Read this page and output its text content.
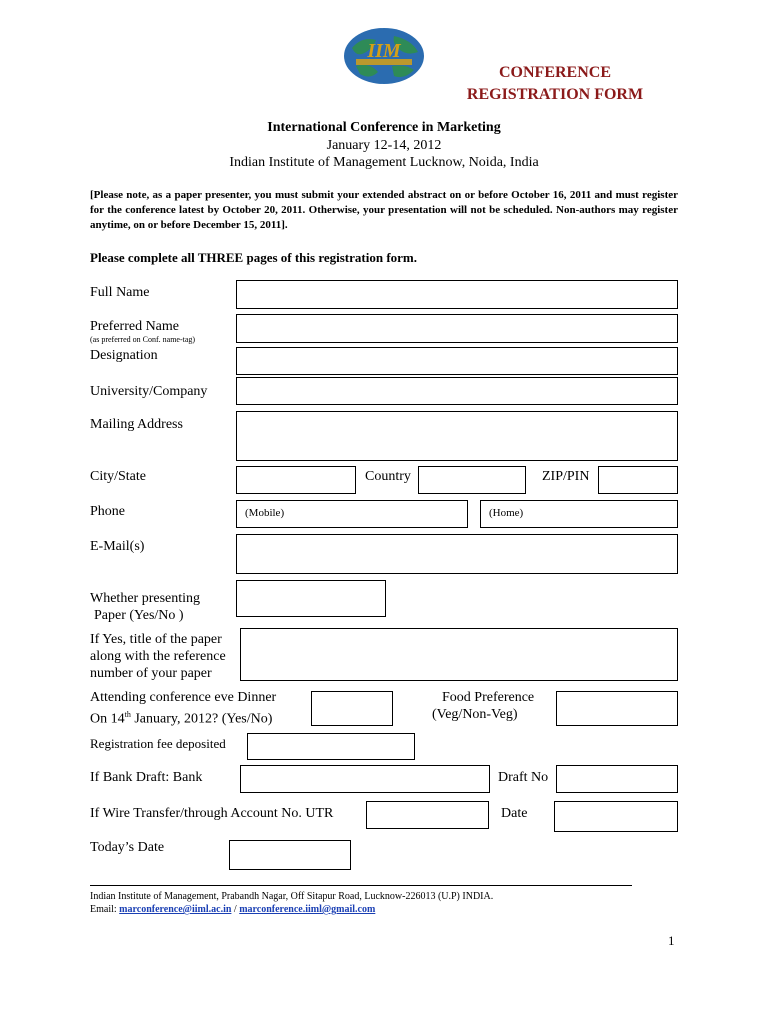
IIM
CONFERENCE
REGISTRATION FORM
International Conference in Marketing
January 12-14, 2012
Indian Institute of Management Lucknow, Noida, India
[Please note, as a paper presenter, you must submit your extended abstract on or before October 16, 2011 and must register for the conference latest by October 20, 2011. Otherwise, your presentation will not be scheduled. Non-authors may register anytime, on or before December 15, 2011].
Please complete all THREE pages of this registration form.
Full Name
Preferred Name
(as preferred on Conf. name-tag)
Designation
University/Company
Mailing Address
City/State	Country	ZIP/PIN
Phone	(Mobile)	(Home)
E-Mail(s)
Whether presenting
Paper (Yes/No )
If Yes, title of the paper
along with the reference
number of your paper
Attending conference eve Dinner
On 14th January, 2012? (Yes/No)
Food Preference
(Veg/Non-Veg)
Registration fee deposited
If Bank Draft: Bank	Draft No
If Wire Transfer/through Account No. UTR	Date
Today’s Date
Indian Institute of Management, Prabandh Nagar, Off Sitapur Road, Lucknow-226013 (U.P) INDIA.
Email: marconference@iiml.ac.in / marconference.iiml@gmail.com
1
